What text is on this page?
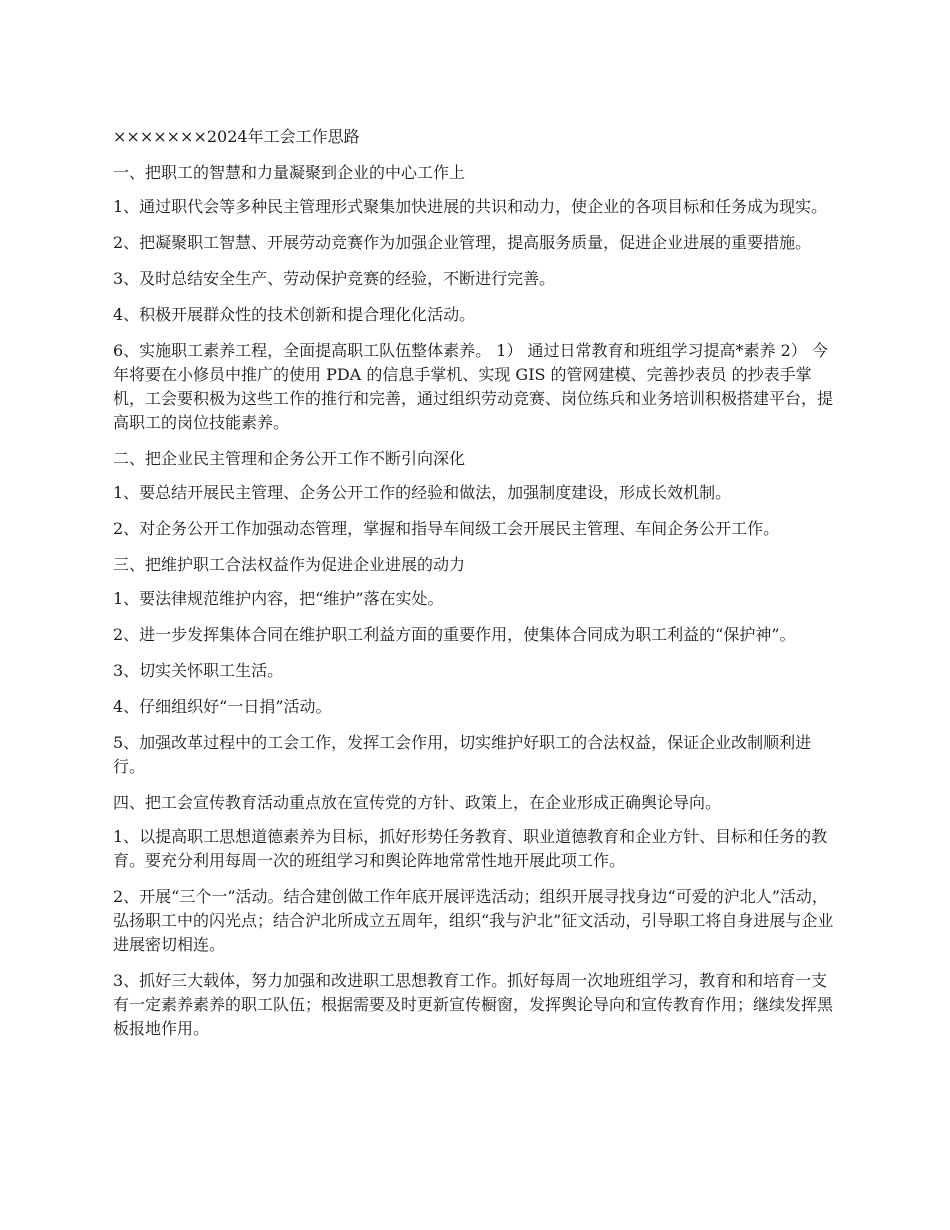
×××××××2024年工会工作思路

一、把职工的智慧和力量凝聚到企业的中心工作上

1、通过职代会等多种民主管理形式聚集加快进展的共识和动力，使企业的各项目标和任务成为现实。

2、把凝聚职工智慧、开展劳动竞赛作为加强企业管理，提高服务质量，促进企业进展的重要措施。

3、及时总结安全生产、劳动保护竞赛的经验，不断进行完善。

4、积极开展群众性的技术创新和提合理化化活动。

6、实施职工素养工程，全面提高职工队伍整体素养。 1） 通过日常教育和班组学习提高*素养 2） 今年将要在小修员中推广的使用 PDA 的信息手掌机、实现 GIS 的管网建模、完善抄表员 的抄表手掌机，工会要积极为这些工作的推行和完善，通过组织劳动竞赛、岗位练兵和业务培训积极搭建平台，提高职工的岗位技能素养。

二、把企业民主管理和企务公开工作不断引向深化

1、要总结开展民主管理、企务公开工作的经验和做法，加强制度建设，形成长效机制。

2、对企务公开工作加强动态管理，掌握和指导车间级工会开展民主管理、车间企务公开工作。

三、把维护职工合法权益作为促进企业进展的动力

1、要法律规范维护内容，把“维护”落在实处。

2、进一步发挥集体合同在维护职工利益方面的重要作用，使集体合同成为职工利益的“保护神”。

3、切实关怀职工生活。

4、仔细组织好“一日捐”活动。

5、加强改革过程中的工会工作，发挥工会作用，切实维护好职工的合法权益，保证企业改制顺利进行。

四、把工会宣传教育活动重点放在宣传党的方针、政策上，在企业形成正确舆论导向。

1、以提高职工思想道德素养为目标，抓好形势任务教育、职业道德教育和企业方针、目标和任务的教育。要充分利用每周一次的班组学习和舆论阵地常常性地开展此项工作。

2、开展“三个一”活动。结合建创做工作年底开展评选活动；组织开展寻找身边“可爱的沪北人”活动，弘扬职工中的闪光点；结合沪北所成立五周年，组织“我与沪北”征文活动，引导职工将自身进展与企业进展密切相连。

3、抓好三大载体，努力加强和改进职工思想教育工作。抓好每周一次地班组学习，教育和和培育一支有一定素养素养的职工队伍；根据需要及时更新宣传橱窗，发挥舆论导向和宣传教育作用；继续发挥黑板报地作用。
